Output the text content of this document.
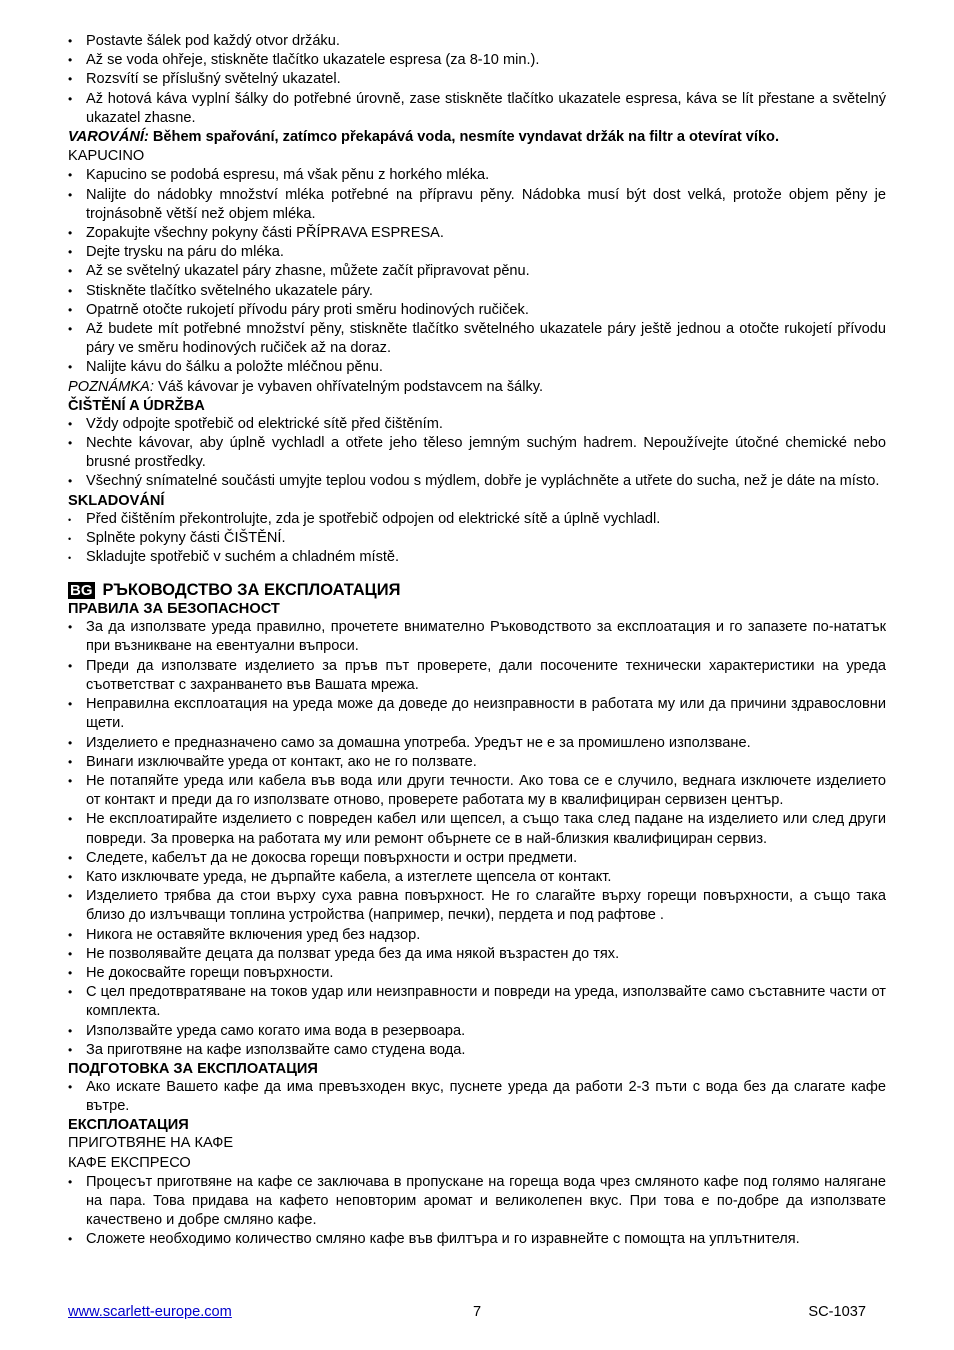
• Postavte šálek pod každý otvor držáku.
• Až se voda ohřeje, stiskněte tlačítko ukazatele espresa (za 8-10 min.).
• Rozsvítí se příslušný světelný ukazatel.
• Až hotová káva vyplní šálky do potřebné úrovně, zase stiskněte tlačítko ukazatele espresa, káva se lít přestane a světelný ukazatel zhasne.
VAROVÁNÍ: Během spařování, zatímco překapává voda, nesmíte vyndavat držák na filtr a otevírat víko.
KAPUCINO
• Kapucino se podobá espresu, má však pěnu z horkého mléka.
• Nalijte do nádobky množství mléka potřebné na přípravu pěny. Nádobka musí být dost velká, protože objem pěny je trojnásobně větší než objem mléka.
• Zopakujte všechny pokyny části PŘÍPRAVA ESPRESA.
• Dejte trysku na páru do mléka.
• Až se světelný ukazatel páry zhasne, můžete začít připravovat pěnu.
• Stiskněte tlačítko světelného ukazatele páry.
• Opatrně otočte rukojetí přívodu páry proti směru hodinových ručiček.
• Až budete mít potřebné množství pěny, stiskněte tlačítko světelného ukazatele páry ještě jednou a otočte rukojetí přívodu páry ve směru hodinových ručiček až na doraz.
• Nalijte kávu do šálku a položte mléčnou pěnu.
POZNÁMKA: Váš kávovar je vybaven ohřívatelným podstavcem na šálky.
ČIŠTĚNÍ A ÚDRŽBA
• Vždy odpojte spotřebič od elektrické sítě před čištěním.
• Nechte kávovar, aby úplně vychladl a otřete jeho těleso jemným suchým hadrem. Nepoužívejte útočné chemické nebo brusné prostředky.
• Všechný snímatelné součásti umyjte teplou vodou s mýdlem, dobře je vypláchněte a utřete do sucha, než je dáte na místo.
SKLADOVÁNÍ
• Před čištěním překontrolujte, zda je spotřebič odpojen od elektrické sítě a úplně vychladl.
• Splněte pokyny části ČIŠTĚNÍ.
• Skladujte spotřebič v suchém a chladném místě.
BG РЪКОВОДСТВО ЗА ЕКСПЛОАТАЦИЯ
ПРАВИЛА ЗА БЕЗОПАСНОСТ
• За да използвате уреда правилно, прочетете внимателно Ръководството за експлоатация и го запазете по-нататък при възникване на евентуални въпроси.
• Преди да използвате изделието за пръв път проверете, дали посочените технически характеристики на уреда съответстват с захранването във Вашата мрежа.
• Неправилна експлоатация на уреда може да доведе до неизправности в работата му или да причини здравословни щети.
• Изделието е предназначено само за домашна употреба. Уредът не е за промишлено използване.
• Винаги изключвайте уреда от контакт, ако не го ползвате.
• Не потапяйте уреда или кабела във вода или други течности. Ако това се е случило, веднага изключете изделието от контакт и преди да го използвате отново, проверете работата му в квалифициран сервизен център.
• Не експлоатирайте изделието с повреден кабел или щепсел, а също така след падане на изделието или след други повреди. За проверка на работата му или ремонт обърнете се в най-близкия квалифициран сервиз.
• Следете, кабелът да не докосва горещи повърхности и остри предмети.
• Като изключвате уреда, не дърпайте кабела, а изтеглете щепсела от контакт.
• Изделието трябва да стои върху суха равна повърхност. Не го слагайте върху горещи повърхности, а също така близо до излъчващи топлина устройства (например, печки), пердета и под рафтове .
• Никога не оставяйте включения уред без надзор.
• Не позволявайте децата да ползват уреда без да има някой възрастен до тях.
• Не докосвайте горещи повърхности.
• С цел предотвратяване на токов удар или неизправности и повреди на уреда, използвайте само съставните части от комплекта.
• Използвайте уреда само когато има вода в резервоара.
• За приготвяне на кафе използвайте само студена вода.
ПОДГОТОВКА ЗА ЕКСПЛОАТАЦИЯ
• Ако искате Вашето кафе да има превъзходен вкус, пуснете уреда да работи 2-3 пъти с вода без да слагате кафе вътре.
ЕКСПЛОАТАЦИЯ
ПРИГОТВЯНЕ НА КАФЕ
КАФЕ ЕКСПРЕСО
• Процесът приготвяне на кафе се заключава в пропускане на гореща вода чрез смляното кафе под голямо налягане на пара. Това придава на кафето неповторим аромат и великолепен вкус. При това е по-добре да използвате качествено и добре смляно кафе.
• Сложете необходимо количество смляно кафе във филтъра и го изравнейте с помощта на уплътнителя.
www.scarlett-europe.com	7	SC-1037
